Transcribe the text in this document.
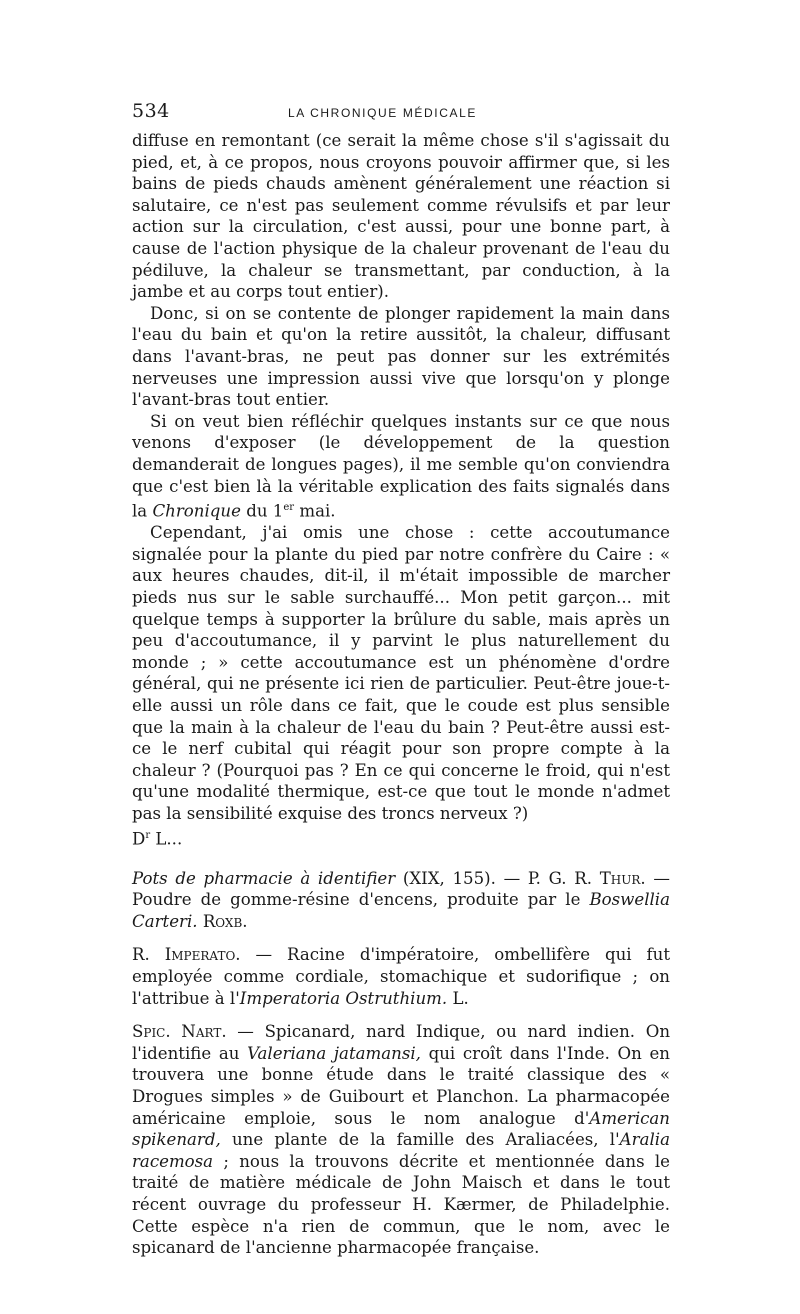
534	LA CHRONIQUE MÉDICALE

diffuse en remontant (ce serait la même chose s'il s'agissait du pied, et, à ce propos, nous croyons pouvoir affirmer que, si les bains de pieds chauds amènent généralement une réaction si salutaire, ce n'est pas seulement comme révulsifs et par leur action sur la circulation, c'est aussi, pour une bonne part, à cause de l'action physique de la chaleur provenant de l'eau du pédiluve, la chaleur se transmettant, par conduction, à la jambe et au corps tout entier).

Donc, si on se contente de plonger rapidement la main dans l'eau du bain et qu'on la retire aussitôt, la chaleur, diffusant dans l'avant-bras, ne peut pas donner sur les extrémités nerveuses une impression aussi vive que lorsqu'on y plonge l'avant-bras tout entier.

Si on veut bien réfléchir quelques instants sur ce que nous venons d'exposer (le développement de la question demanderait de longues pages), il me semble qu'on conviendra que c'est bien là la véritable explication des faits signalés dans la Chronique du 1er mai.

Cependant, j'ai omis une chose : cette accoutumance signalée pour la plante du pied par notre confrère du Caire : « aux heures chaudes, dit-il, il m'était impossible de marcher pieds nus sur le sable surchauffé... Mon petit garçon... mit quelque temps à supporter la brûlure du sable, mais après un peu d'accoutumance, il y parvint le plus naturellement du monde ; » cette accoutumance est un phénomène d'ordre général, qui ne présente ici rien de particulier. Peut-être joue-t-elle aussi un rôle dans ce fait, que le coude est plus sensible que la main à la chaleur de l'eau du bain ? Peut-être aussi est-ce le nerf cubital qui réagit pour son propre compte à la chaleur ? (Pourquoi pas ? En ce qui concerne le froid, qui n'est qu'une modalité thermique, est-ce que tout le monde n'admet pas la sensibilité exquise des troncs nerveux ?)

$D^r$ L...

Pots de pharmacie à identifier (XIX, 155). — P. G. R. Thur. — Poudre de gomme-résine d'encens, produite par le Boswellia Carteri. Roxb.

R. Imperato. — Racine d'impératoire, ombellifère qui fut employée comme cordiale, stomachique et sudorifique ; on l'attribue à l'Imperatoria Ostruthium. L.

Spic. Nart. — Spicanard, nard Indique, ou nard indien. On l'identifie au Valeriana jatamansi, qui croît dans l'Inde. On en trouvera une bonne étude dans le traité classique des « Drogues simples » de Guibourt et Planchon. La pharmacopée américaine emploie, sous le nom analogue d'American spikenard, une plante de la famille des Araliacées, l'Aralia racemosa ; nous la trouvons décrite et mentionnée dans le traité de matière médicale de John Maisch et dans le tout récent ouvrage du professeur H. Kærmer, de Philadelphie. Cette espèce n'a rien de commun, que le nom, avec le spicanard de l'ancienne pharmacopée française.
